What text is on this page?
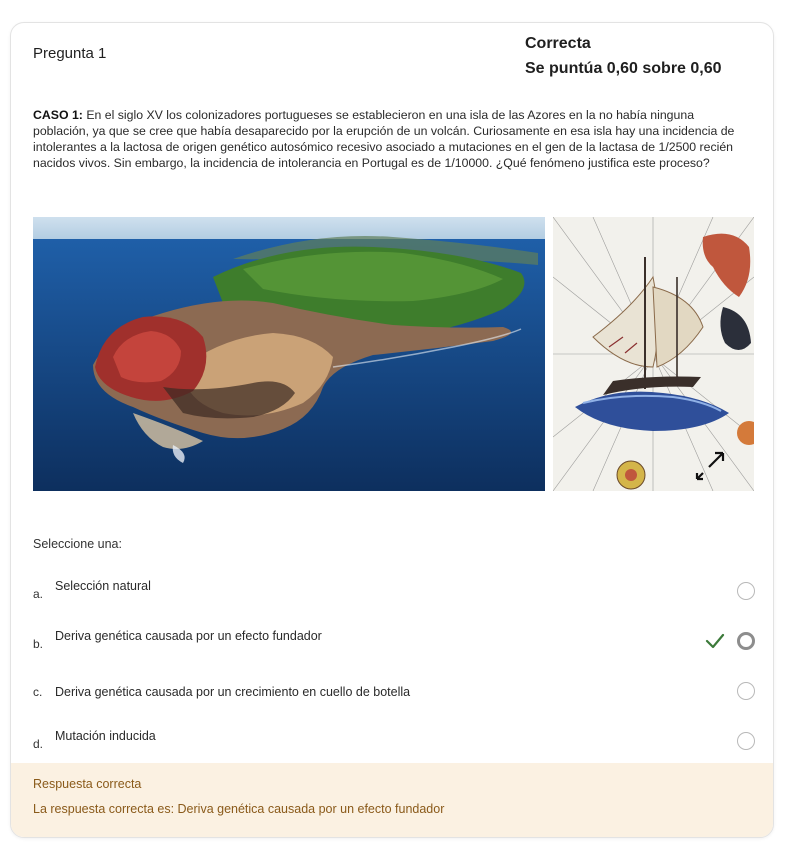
Pregunta 1
Correcta
Se puntúa 0,60 sobre 0,60
CASO 1: En el siglo XV los colonizadores portugueses se establecieron en una isla de las Azores en la no había ninguna población, ya que se cree que había desaparecido por la erupción de un volcán. Curiosamente en esa isla hay una incidencia de intolerantes a la lactosa de origen genético autosómico recesivo asociado a mutaciones en el gen de la lactasa de 1/2500 recién nacidos vivos. Sin embargo, la incidencia de intolerancia en Portugal es de 1/10000. ¿Qué fenómeno justifica este proceso?
Seleccione una:
a.
Selección natural
b.
Deriva genética causada por un efecto fundador
c. Deriva genética causada por un crecimiento en cuello de botella
d.
Mutación inducida
Respuesta correcta
La respuesta correcta es: Deriva genética causada por un efecto fundador
